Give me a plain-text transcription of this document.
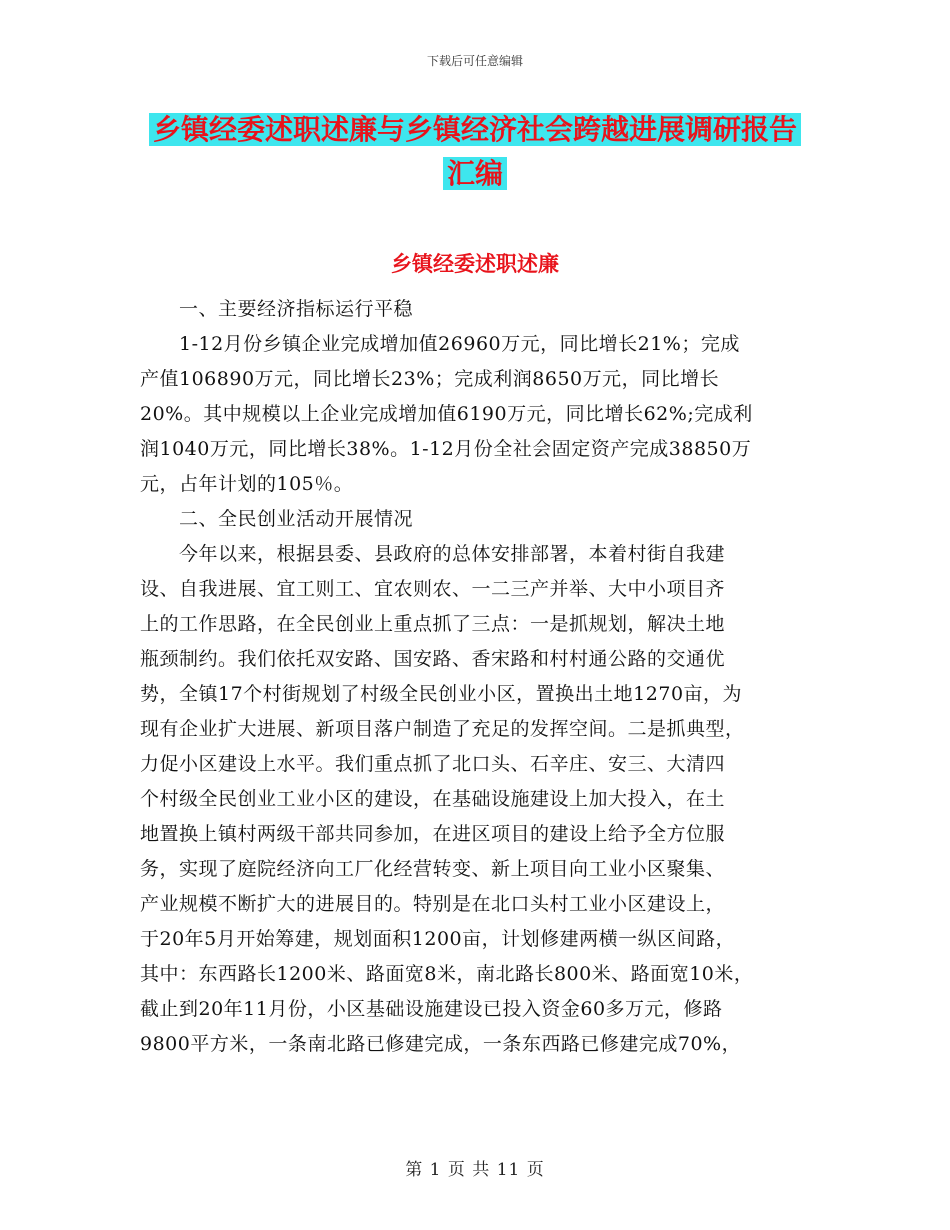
下载后可任意编辑
乡镇经委述职述廉与乡镇经济社会跨越进展调研报告
汇编
乡镇经委述职述廉

　　一、主要经济指标运行平稳

　　1-12月份乡镇企业完成增加值26960万元，同比增长21%；完成

产值106890万元，同比增长23%；完成利润8650万元，同比增长

20%。其中规模以上企业完成增加值6190万元，同比增长62%;完成利

润1040万元，同比增长38%。1-12月份全社会固定资产完成38850万

元，占年计划的105％。

　　二、全民创业活动开展情况

　　今年以来，根据县委、县政府的总体安排部署，本着村街自我建

设、自我进展、宜工则工、宜农则农、一二三产并举、大中小项目齐

上的工作思路，在全民创业上重点抓了三点：一是抓规划，解决土地

瓶颈制约。我们依托双安路、国安路、香宋路和村村通公路的交通优

势，全镇17个村街规划了村级全民创业小区，置换出土地1270亩，为

现有企业扩大进展、新项目落户制造了充足的发挥空间。二是抓典型，

力促小区建设上水平。我们重点抓了北口头、石辛庄、安三、大清四

个村级全民创业工业小区的建设，在基础设施建设上加大投入，在土

地置换上镇村两级干部共同参加，在进区项目的建设上给予全方位服

务，实现了庭院经济向工厂化经营转变、新上项目向工业小区聚集、

产业规模不断扩大的进展目的。特别是在北口头村工业小区建设上，

于20年5月开始筹建，规划面积1200亩，计划修建两横一纵区间路，

其中：东西路长1200米、路面宽8米，南北路长800米、路面宽10米，

截止到20年11月份，小区基础设施建设已投入资金60多万元，修路

9800平方米，一条南北路已修建完成，一条东西路已修建完成70%，

第 1 页 共 11 页
